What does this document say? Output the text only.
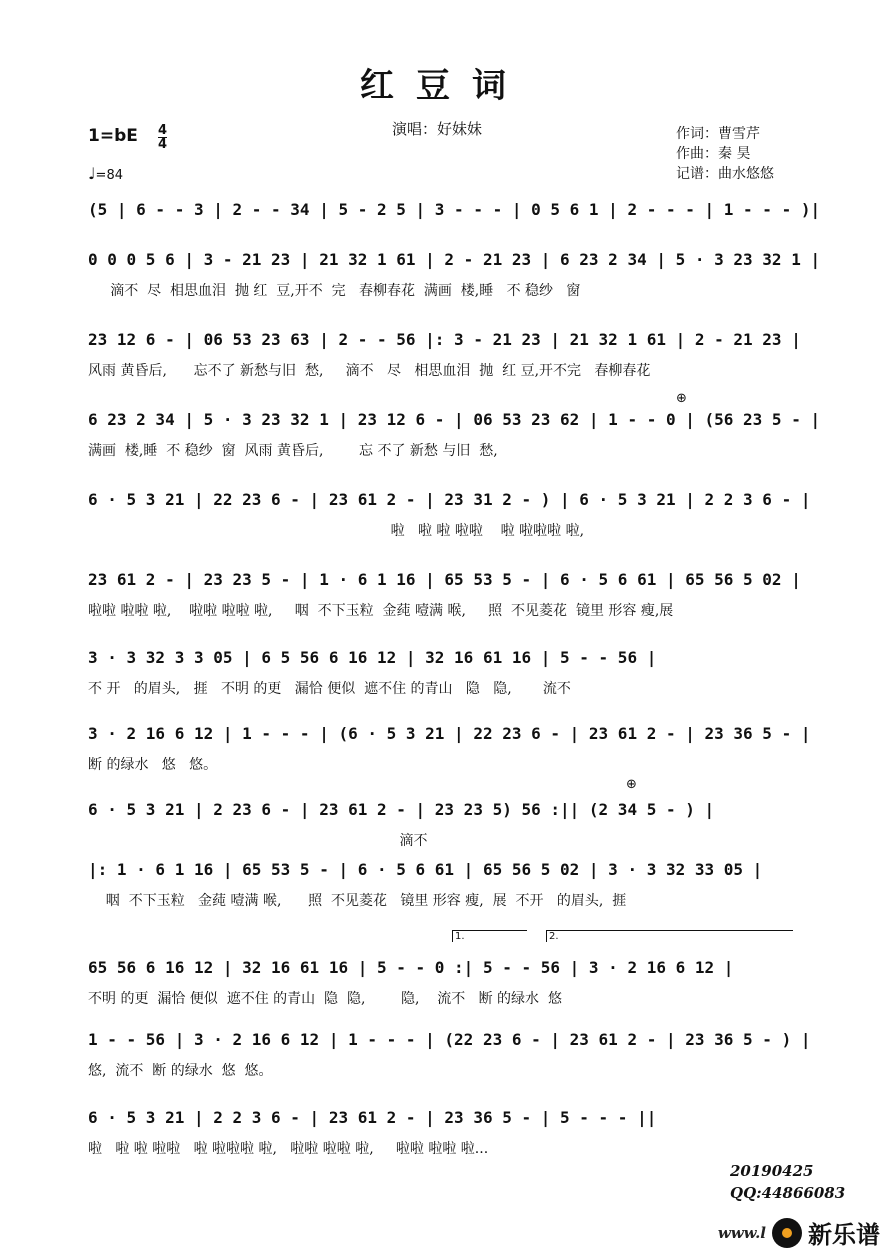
红豆词
演唱：好妹妹	作词：曹雪芹
作曲：秦 昊
记谱：曲水悠悠
1=bE 4
4
♩=84
(5 | 6 - - 3 | 2 - - 34 | 5 - 2 5 | 3 - - - | 0 5 6 1 | 2 - - - | 1 - - - )|
0 0 0 5 6 | 3 - 21 23 | 21 32 1 61 | 2 - 21 23 | 6 23 2 34 | 5 · 3 23 32 1 |
滴不  尽  相思血泪  抛 红  豆,开不  完   春柳春花  满画  楼,睡   不 稳纱   窗
23 12 6 - | 06 53 23 63 | 2 - - 56 |: 3 - 21 23 | 21 32 1 61 | 2 - 21 23 |
风雨 黄昏后,      忘不了 新愁与旧  愁,     滴不   尽   相思血泪  抛  红 豆,开不完   春柳春花
6 23 2 34 | 5 · 3 23 32 1 | 23 12 6 - | 06 53 23 62 | 1 - - 0 | (56 23 5 - |
满画  楼,睡  不 稳纱  窗  风雨 黄昏后,        忘 不了 新愁 与旧  愁,
6 · 5 3 21 | 22 23 6 - | 23 61 2 - | 23 31 2 - ) | 6 · 5 3 21 | 2 2 3 6 - |
啦   啦 啦 啦啦    啦 啦啦啦 啦,
23 61 2 - | 23 23 5 - | 1 · 6 1 16 | 65 53 5 - | 6 · 5 6 61 | 65 56 5 02 |
啦啦 啦啦 啦,    啦啦 啦啦 啦,     咽  不下玉粒  金莼 噎满 喉,     照  不见菱花  镜里 形容 瘦,展
3 · 3 32 3 3 05 | 6 5 56 6 16 12 | 32 16 61 16 | 5 - - 56 |
不 开   的眉头,   捱   不明 的更   漏恰 便似  遮不住 的青山   隐   隐,       流不
3 · 2 16 6 12 | 1 - - - | (6 · 5 3 21 | 22 23 6 - | 23 61 2 - | 23 36 5 - |
断 的绿水   悠   悠。
6 · 5 3 21 | 2 23 6 - | 23 61 2 - | 23 23 5) 56 :|| (2 34 5 - ) |
滴不
|: 1 · 6 1 16 | 65 53 5 - | 6 · 5 6 61 | 65 56 5 02 | 3 · 3 32 33 05 |
咽  不下玉粒   金莼 噎满 喉,      照  不见菱花   镜里 形容 瘦,  展  不开   的眉头,  捱
65 56 6 16 12 | 32 16 61 16 | 5 - - 0 :| 5 - - 56 | 3 · 2 16 6 12 |
不明 的更  漏恰 便似  遮不住 的青山  隐  隐,        隐,    流不   断 的绿水  悠
1 - - 56 | 3 · 2 16 6 12 | 1 - - - | (22 23 6 - | 23 61 2 - | 23 36 5 - ) |
悠,  流不  断 的绿水  悠  悠。
6 · 5 3 21 | 2 2 3 6 - | 23 61 2 - | 23 36 5 - | 5 - - - ||
啦   啦 啦 啦啦   啦 啦啦啦 啦,   啦啦 啦啦 啦,     啦啦 啦啦 啦...
⊕
⊕
1.	2.
20190425
QQ:44866083
www.l 新乐谱
